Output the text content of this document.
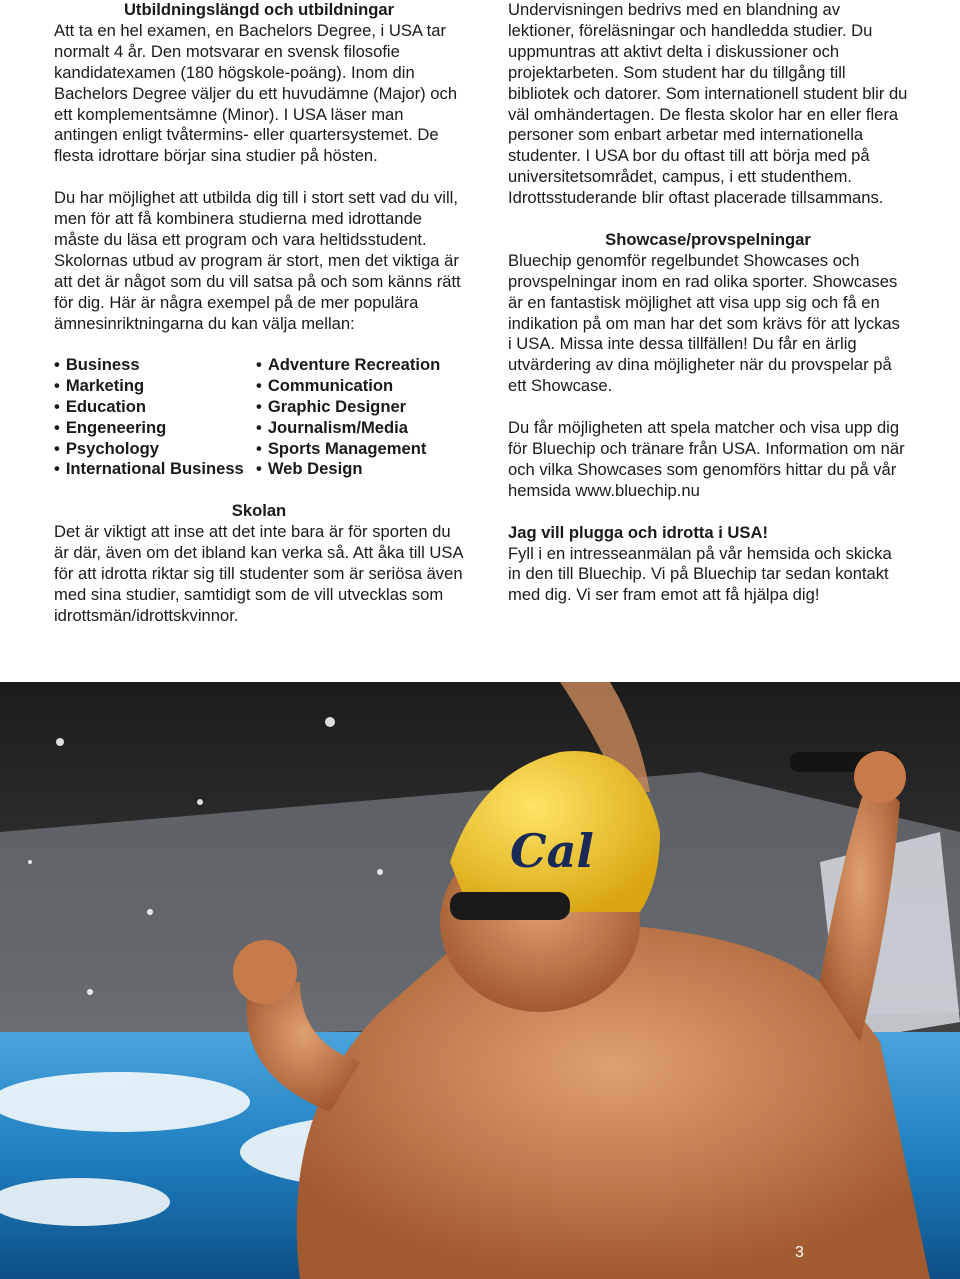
Utbildningslängd och utbildningar

Att ta en hel examen, en Bachelors Degree, i USA tar normalt 4 år. Den motsvarar en svensk filosofie kandidatexamen (180 högskole-poäng). Inom din Bachelors Degree väljer du ett huvudämne (Major) och ett komplementsämne (Minor). I USA läser man antingen enligt tvåtermins- eller quartersystemet. De flesta idrottare börjar sina studier på hösten.

Du har möjlighet att utbilda dig till i stort sett vad du vill, men för att få kombinera studierna med idrottande måste du läsa ett program och vara heltidsstudent. Skolornas utbud av program är stort, men det viktiga är att det är något som du vill satsa på och som känns rätt för dig. Här är några exempel på de mer populära ämnesinriktningarna du kan välja mellan:

• Business
• Marketing
• Education
• Engeneering
• Psychology
• International Business
• Adventure Recreation
• Communication
• Graphic Designer
• Journalism/Media
• Sports Management
• Web Design
Skolan

Det är viktigt att inse att det inte bara är för sporten du är där, även om det ibland kan verka så. Att åka till USA för att idrotta riktar sig till studenter som är seriösa även med sina studier, samtidigt som de vill utvecklas som idrottsmän/idrottskvinnor.

Undervisningen bedrivs med en blandning av lektioner, föreläsningar och handledda studier. Du uppmuntras att aktivt delta i diskussioner och projektarbeten. Som student har du tillgång till bibliotek och datorer. Som internationell student blir du väl omhändertagen. De flesta skolor har en eller flera personer som enbart arbetar med internationella studenter. I USA bor du oftast till att börja med på universitetsområdet, campus, i ett studenthem. Idrottsstuderande blir oftast placerade tillsammans.

Showcase/provspelningar

Bluechip genomför regelbundet Showcases och provspelningar inom en rad olika sporter. Showcases är en fantastisk möjlighet att visa upp sig och få en indikation på om man har det som krävs för att lyckas i USA. Missa inte dessa tillfällen! Du får en ärlig utvärdering av dina möjligheter när du provspelar på ett Showcase.

Du får möjligheten att spela matcher och visa upp dig för Bluechip och tränare från USA. Information om när och vilka Showcases som genomförs hittar du på vår hemsida www.bluechip.nu

Jag vill plugga och idrotta i USA!

Fyll i en intresseanmälan på vår hemsida och skicka in den till Bluechip. Vi på Bluechip tar sedan kontakt med dig. Vi ser fram emot att få hjälpa dig!

Cal
3
